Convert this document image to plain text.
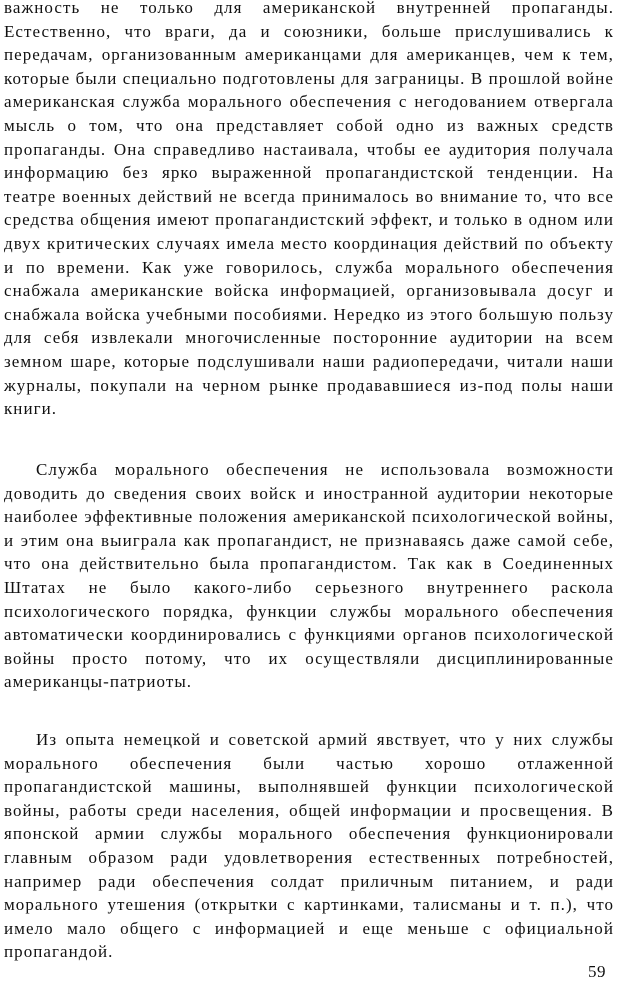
важность не только для американской внутренней пропаганды. Естественно, что враги, да и союзники, больше прислушивались к передачам, организованным американцами для американцев, чем к тем, которые были специально подготовлены для заграницы. В прошлой войне американская служба морального обеспечения с негодованием отвергала мысль о том, что она представляет собой одно из важных средств пропаганды. Она справедливо настаивала, чтобы ее аудитория получала информацию без ярко выраженной пропагандистской тенденции. На театре военных действий не всегда принималось во внимание то, что все средства общения имеют пропагандистский эффект, и только в одном или двух критических случаях имела место координация действий по объекту и по времени. Как уже говорилось, служба морального обеспечения снабжала американские войска информацией, организовывала досуг и снабжала войска учебными пособиями. Нередко из этого большую пользу для себя извлекали многочисленные посторонние аудитории на всем земном шаре, которые подслушивали наши радиопередачи, читали наши журналы, покупали на черном рынке продававшиеся из-под полы наши книги.

Служба морального обеспечения не использовала возможности доводить до сведения своих войск и иностранной аудитории некоторые наиболее эффективные положения американской психологической войны, и этим она выиграла как пропагандист, не признаваясь даже самой себе, что она действительно была пропагандистом. Так как в Соединенных Штатах не было какого-либо серьезного внутреннего раскола психологического порядка, функции службы морального обеспечения автоматически координировались с функциями органов психологической войны просто потому, что их осуществляли дисциплинированные американцы-патриоты.

Из опыта немецкой и советской армий явствует, что у них службы морального обеспечения были частью хорошо отлаженной пропагандистской машины, выполнявшей функции психологической войны, работы среди населения, общей информации и просвещения. В японской армии службы морального обеспечения функционировали главным образом ради удовлетворения естественных потребностей, например ради обеспечения солдат приличным питанием, и ради морального утешения (открытки с картинками, талисманы и т. п.), что имело мало общего с информацией и еще меньше с официальной пропагандой.

59
